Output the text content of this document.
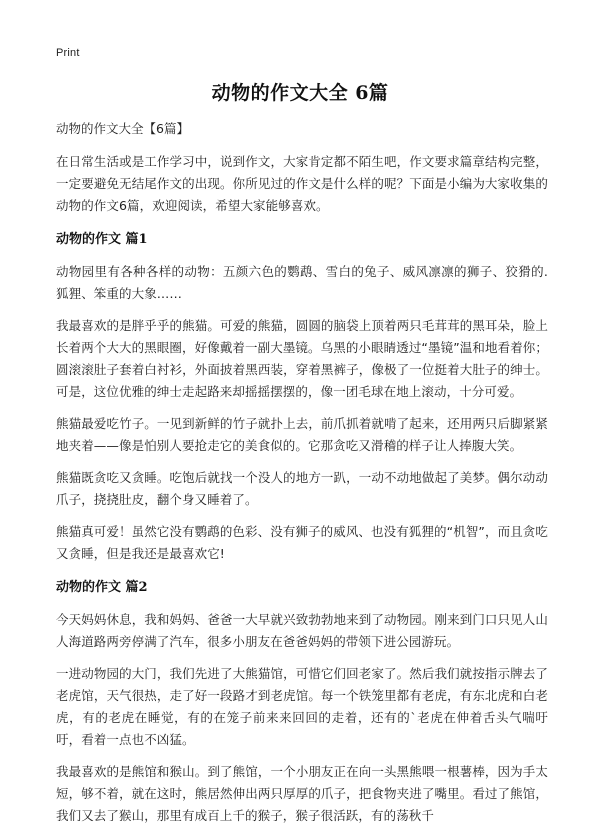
Print
动物的作文大全 6篇
动物的作文大全【6篇】

在日常生活或是工作学习中，说到作文，大家肯定都不陌生吧，作文要求篇章结构完整，一定要避免无结尾作文的出现。你所见过的作文是什么样的呢？下面是小编为大家收集的动物的作文6篇，欢迎阅读，希望大家能够喜欢。

动物的作文 篇1

动物园里有各种各样的动物：五颜六色的鹦鹉、雪白的兔子、威风凛凛的狮子、狡猾的.狐狸、笨重的大象……

我最喜欢的是胖乎乎的熊猫。可爱的熊猫，圆圆的脑袋上顶着两只毛茸茸的黑耳朵，脸上长着两个大大的黑眼圈，好像戴着一副大墨镜。乌黑的小眼睛透过“墨镜”温和地看着你；圆滚滚肚子套着白衬衫，外面披着黑西装，穿着黑裤子，像极了一位挺着大肚子的绅士。可是，这位优雅的绅士走起路来却摇摇摆摆的，像一团毛球在地上滚动，十分可爱。

熊猫最爱吃竹子。一见到新鲜的竹子就扑上去，前爪抓着就啃了起来，还用两只后脚紧紧地夹着——像是怕别人要抢走它的美食似的。它那贪吃又滑稽的样子让人捧腹大笑。

熊猫既贪吃又贪睡。吃饱后就找一个没人的地方一趴，一动不动地做起了美梦。偶尔动动爪子，挠挠肚皮，翻个身又睡着了。

熊猫真可爱！虽然它没有鹦鹉的色彩、没有狮子的威风、也没有狐狸的“机智”，而且贪吃又贪睡，但是我还是最喜欢它!

动物的作文 篇2

今天妈妈休息，我和妈妈、爸爸一大早就兴致勃勃地来到了动物园。刚来到门口只见人山人海道路两旁停满了汽车，很多小朋友在爸爸妈妈的带领下进公园游玩。

一进动物园的大门，我们先进了大熊猫馆，可惜它们回老家了。然后我们就按指示牌去了老虎馆，天气很热，走了好一段路才到老虎馆。每一个铁笼里都有老虎，有东北虎和白老虎，有的老虎在睡觉，有的在笼子前来来回回的走着，还有的`老虎在伸着舌头气喘吁吁，看着一点也不凶猛。

我最喜欢的是熊馆和猴山。到了熊馆，一个小朋友正在向一头黑熊喂一根薯棒，因为手太短，够不着，就在这时，熊居然伸出两只厚厚的爪子，把食物夹进了嘴里。看过了熊馆，我们又去了猴山，那里有成百上千的猴子，猴子很活跃，有的荡秋千
